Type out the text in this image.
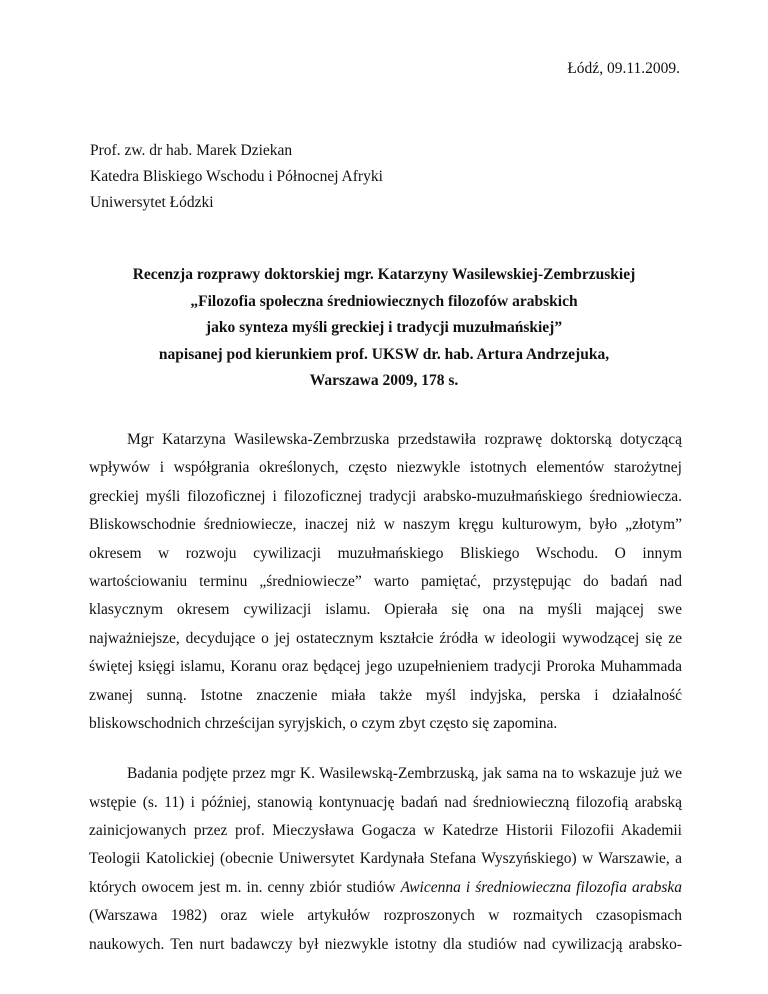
Łódź, 09.11.2009.
Prof. zw. dr hab. Marek Dziekan
Katedra Bliskiego Wschodu i Północnej Afryki
Uniwersytet Łódzki
Recenzja rozprawy doktorskiej mgr. Katarzyny Wasilewskiej-Zembrzuskiej
„Filozofia społeczna średniowiecznych filozofów arabskich
jako synteza myśli greckiej i tradycji muzułmańskiej”
napisanej pod kierunkiem prof. UKSW dr. hab. Artura Andrzejuka,
Warszawa 2009, 178 s.
Mgr Katarzyna Wasilewska-Zembrzuska przedstawiła rozprawę doktorską dotyczącą
wpływów i współgrania określonych, często niezwykle istotnych elementów starożytnej
greckiej myśli filozoficznej i filozoficznej tradycji arabsko-muzułmańskiego średniowiecza.
Bliskowschodnie średniowiecze, inaczej niż w naszym kręgu kulturowym, było „złotym”
okresem w rozwoju cywilizacji muzułmańskiego Bliskiego Wschodu. O innym
wartościowaniu terminu „średniowiecze” warto pamiętać, przystępując do badań nad
klasycznym okresem cywilizacji islamu. Opierała się ona na myśli mającej swe
najważniejsze, decydujące o jej ostatecznym kształcie źródła w ideologii wywodzącej się ze
świętej księgi islamu, Koranu oraz będącej jego uzupełnieniem tradycji Proroka Muhammada
zwanej sunną. Istotne znaczenie miała także myśl indyjska, perska i działalność
bliskowschodnich chrześcijan syryjskich, o czym zbyt często się zapomina.
Badania podjęte przez mgr K. Wasilewską-Zembrzuską, jak sama na to wskazuje już we
wstępie (s. 11) i później, stanowią kontynuację badań nad średniowieczną filozofią arabską
zainicjowanych przez prof. Mieczysława Gogacza w Katedrze Historii Filozofii Akademii
Teologii Katolickiej (obecnie Uniwersytet Kardynała Stefana Wyszyńskiego) w Warszawie, a
których owocem jest m. in. cenny zbiór studiów Awicenna i średniowieczna filozofia arabska
(Warszawa 1982) oraz wiele artykułów rozproszonych w rozmaitych czasopismach
naukowych. Ten nurt badawczy był niezwykle istotny dla studiów nad cywilizacją arabsko-
